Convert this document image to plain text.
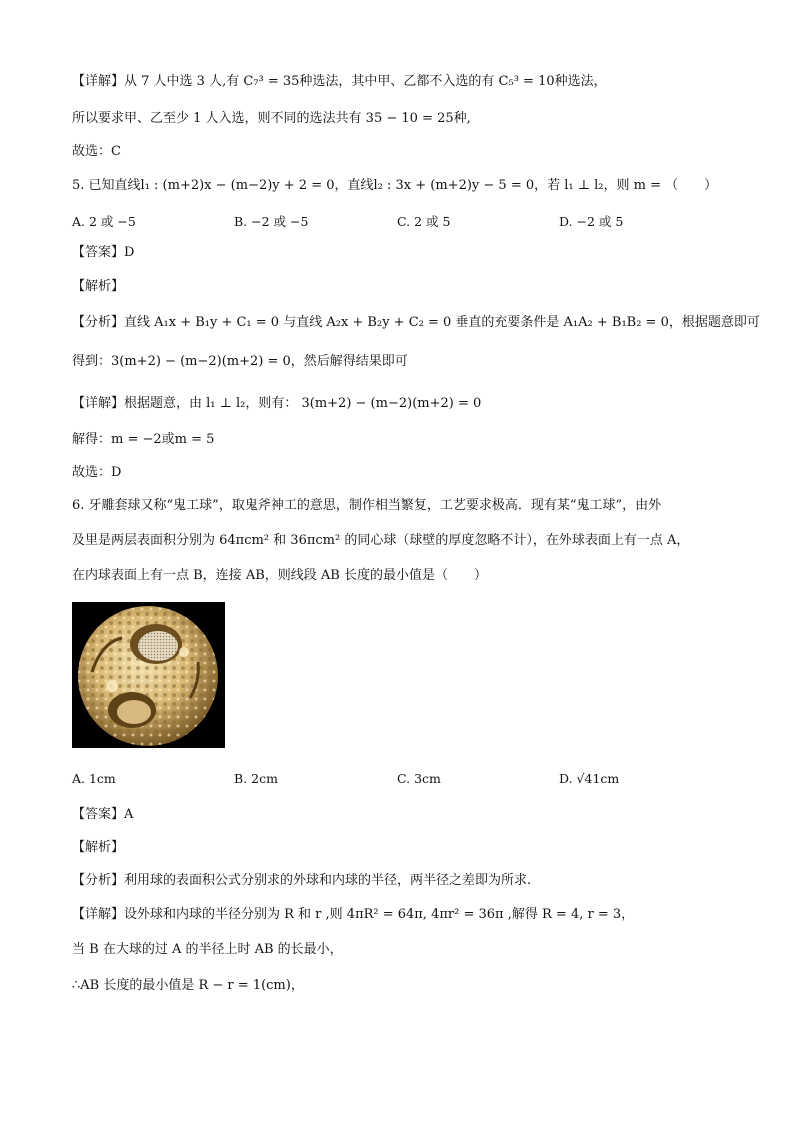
【详解】从 7 人中选 3 人,有 C₇³ = 35种选法，其中甲、乙都不入选的有 C₅³ = 10种选法，
所以要求甲、乙至少 1 人入选，则不同的选法共有 35 − 10 = 25种,
故选：C
5. 已知直线l₁ : (m+2)x − (m−2)y + 2 = 0，直线l₂ : 3x + (m+2)y − 5 = 0，若 l₁ ⊥ l₂，则 m = （　　）
A. 2 或 −5	B. −2 或 −5	C. 2 或 5	D. −2 或 5
【答案】D
【解析】
【分析】直线 A₁x + B₁y + C₁ = 0 与直线 A₂x + B₂y + C₂ = 0 垂直的充要条件是 A₁A₂ + B₁B₂ = 0，根据题意即可
得到：3(m+2) − (m−2)(m+2) = 0，然后解得结果即可
【详解】根据题意，由 l₁ ⊥ l₂，则有： 3(m+2) − (m−2)(m+2) = 0
解得：m = −2或m = 5
故选：D
6. 牙雕套球又称“鬼工球”，取鬼斧神工的意思，制作相当繁复，工艺要求极高．现有某“鬼工球”，由外
及里是两层表面积分别为 64πcm² 和 36πcm² 的同心球（球壁的厚度忽略不计），在外球表面上有一点 A，
在内球表面上有一点 B，连接 AB，则线段 AB 长度的最小值是（　　）
A. 1cm	B. 2cm	C. 3cm	D. √41cm
【答案】A
【解析】
【分析】利用球的表面积公式分别求的外球和内球的半径，两半径之差即为所求.
【详解】设外球和内球的半径分别为 R 和 r ,则 4πR² = 64π, 4πr² = 36π ,解得 R = 4, r = 3，
当 B 在大球的过 A 的半径上时 AB 的长最小，
∴AB 长度的最小值是 R − r = 1(cm)，
